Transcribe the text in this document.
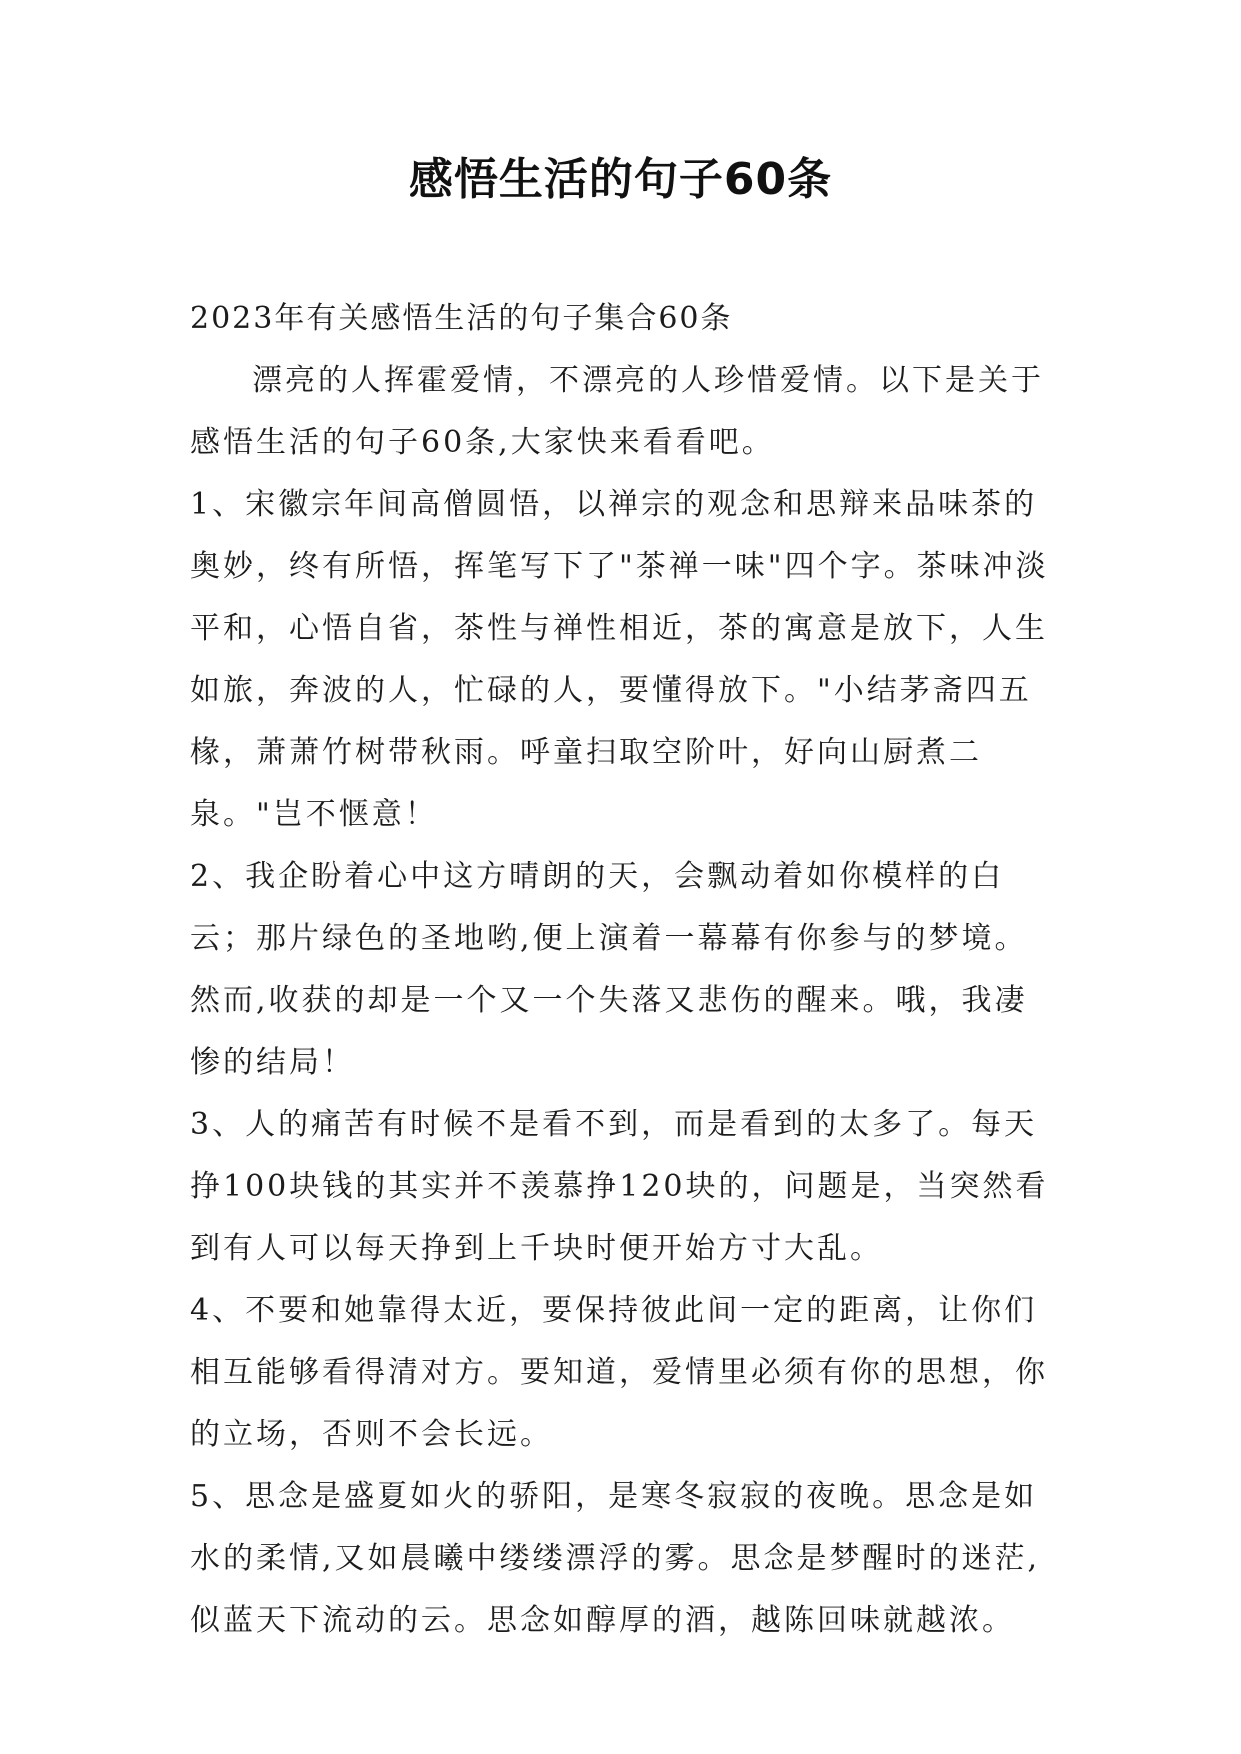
感悟生活的句子60条

2023年有关感悟生活的句子集合60条

漂亮的人挥霍爱情，不漂亮的人珍惜爱情。以下是关于感悟生活的句子60条,大家快来看看吧。

1、宋徽宗年间高僧圆悟，以禅宗的观念和思辩来品味茶的奥妙，终有所悟，挥笔写下了"茶禅一味"四个字。茶味冲淡平和，心悟自省，茶性与禅性相近，茶的寓意是放下，人生如旅，奔波的人，忙碌的人，要懂得放下。"小结茅斋四五椽，萧萧竹树带秋雨。呼童扫取空阶叶，好向山厨煮二泉。"岂不惬意！

2、我企盼着心中这方晴朗的天，会飘动着如你模样的白云；那片绿色的圣地哟,便上演着一幕幕有你参与的梦境。然而,收获的却是一个又一个失落又悲伤的醒来。哦，我凄惨的结局！

3、人的痛苦有时候不是看不到，而是看到的太多了。每天挣100块钱的其实并不羡慕挣120块的，问题是，当突然看到有人可以每天挣到上千块时便开始方寸大乱。

4、不要和她靠得太近，要保持彼此间一定的距离，让你们相互能够看得清对方。要知道，爱情里必须有你的思想，你的立场，否则不会长远。

5、思念是盛夏如火的骄阳，是寒冬寂寂的夜晚。思念是如水的柔情,又如晨曦中缕缕漂浮的雾。思念是梦醒时的迷茫,似蓝天下流动的云。思念如醇厚的酒，越陈回味就越浓。
